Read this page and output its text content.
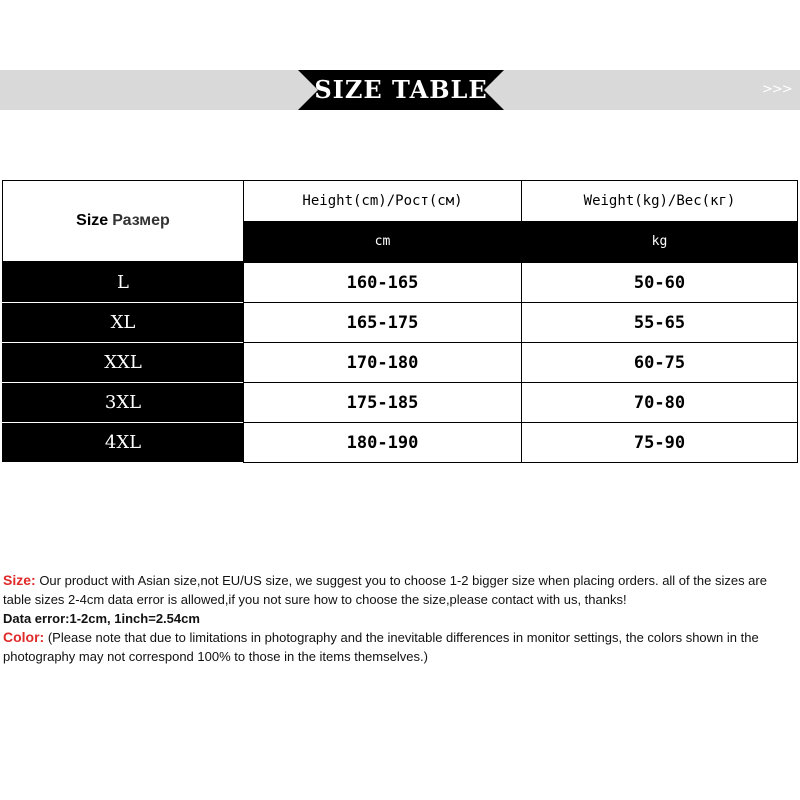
SIZE TABLE	>>>
Size Размер
Height(cm)/Рост(см)	Weight(kg)/Вес(кг)
cm	kg
L	160-165	50-60
XL	165-175	55-65
XXL	170-180	60-75
3XL	175-185	70-80
4XL	180-190	75-90

Size: Our product with Asian size,not EU/US size, we suggest you to choose 1-2 bigger size when placing orders. all of the sizes are table sizes 2-4cm data error is allowed,if you not sure how to choose the size,please contact with us, thanks!

Data error:1-2cm, 1inch=2.54cm

Color: (Please note that due to limitations in photography and the inevitable differences in monitor settings, the colors shown in the photography may not correspond 100% to those in the items themselves.)
